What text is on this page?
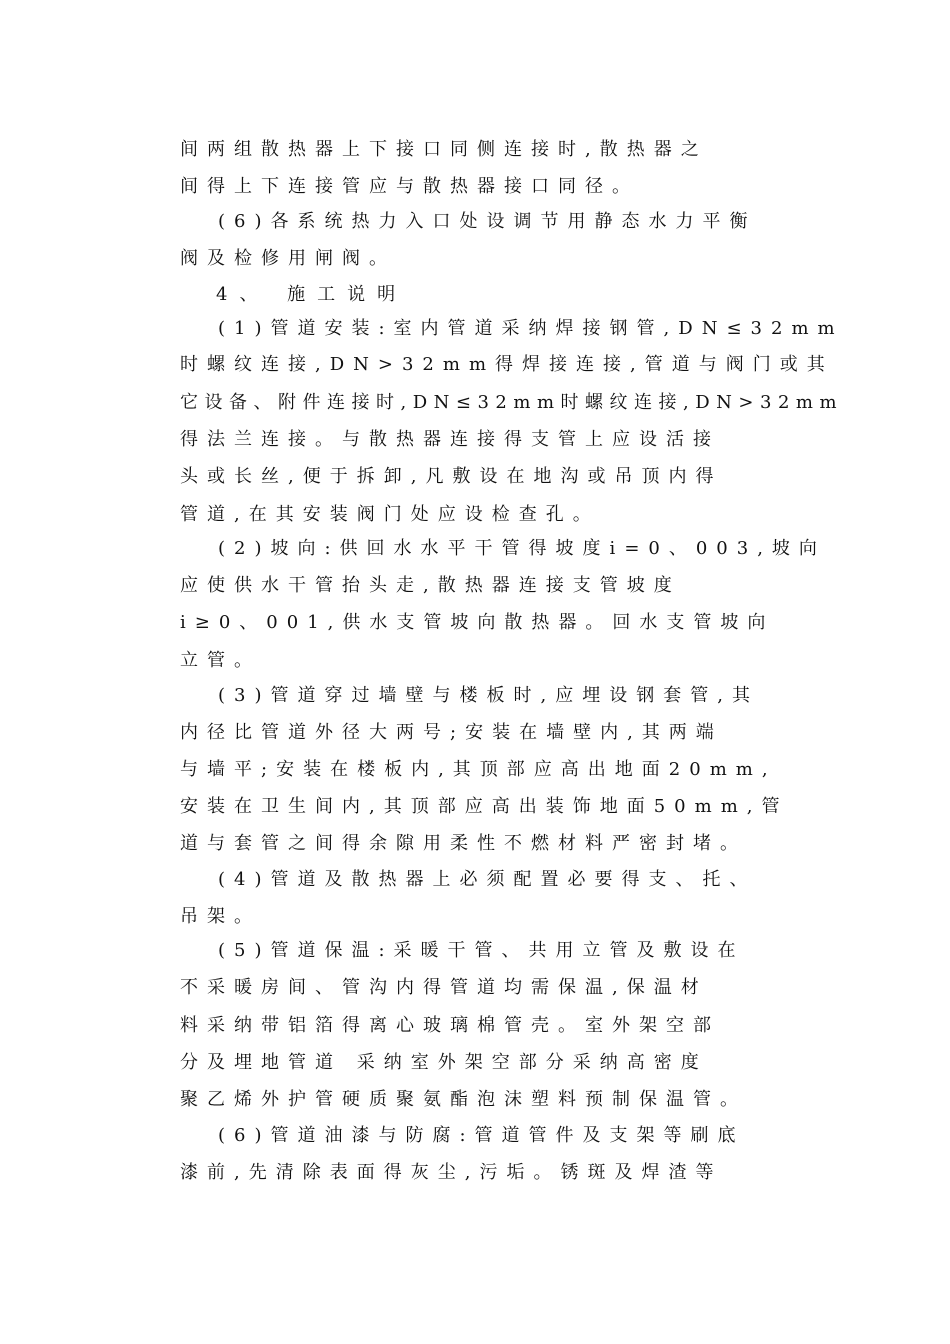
间两组散热器上下接口同侧连接时,散热器之
间得上下连接管应与散热器接口同径。
(6)各系统热力入口处设调节用静态水力平衡
阀及检修用闸阀。
4、 施工说明
(1)管道安装:室内管道采纳焊接钢管,DN≤32mm
时螺纹连接,DN>32mm得焊接连接,管道与阀门或其
它设备、附件连接时,DN≤32mm时螺纹连接,DN>32mm
得法兰连接。与散热器连接得支管上应设活接
头或长丝,便于拆卸,凡敷设在地沟或吊顶内得
管道,在其安装阀门处应设检查孔。
(2)坡向:供回水水平干管得坡度i=0、003,坡向
应使供水干管抬头走,散热器连接支管坡度
i≥0、001,供水支管坡向散热器。回水支管坡向
立管。
(3)管道穿过墙壁与楼板时,应埋设钢套管,其
内径比管道外径大两号;安装在墙壁内,其两端
与墙平;安装在楼板内,其顶部应高出地面20mm,
安装在卫生间内,其顶部应高出装饰地面50mm,管
道与套管之间得余隙用柔性不燃材料严密封堵。
(4)管道及散热器上必须配置必要得支、托、
吊架。
(5)管道保温:采暖干管、共用立管及敷设在
不采暖房间、管沟内得管道均需保温,保温材
料采纳带铝箔得离心玻璃棉管壳。室外架空部
分及埋地管道 采纳室外架空部分采纳高密度
聚乙烯外护管硬质聚氨酯泡沫塑料预制保温管。
(6)管道油漆与防腐:管道管件及支架等刷底
漆前,先清除表面得灰尘,污垢。锈斑及焊渣等
